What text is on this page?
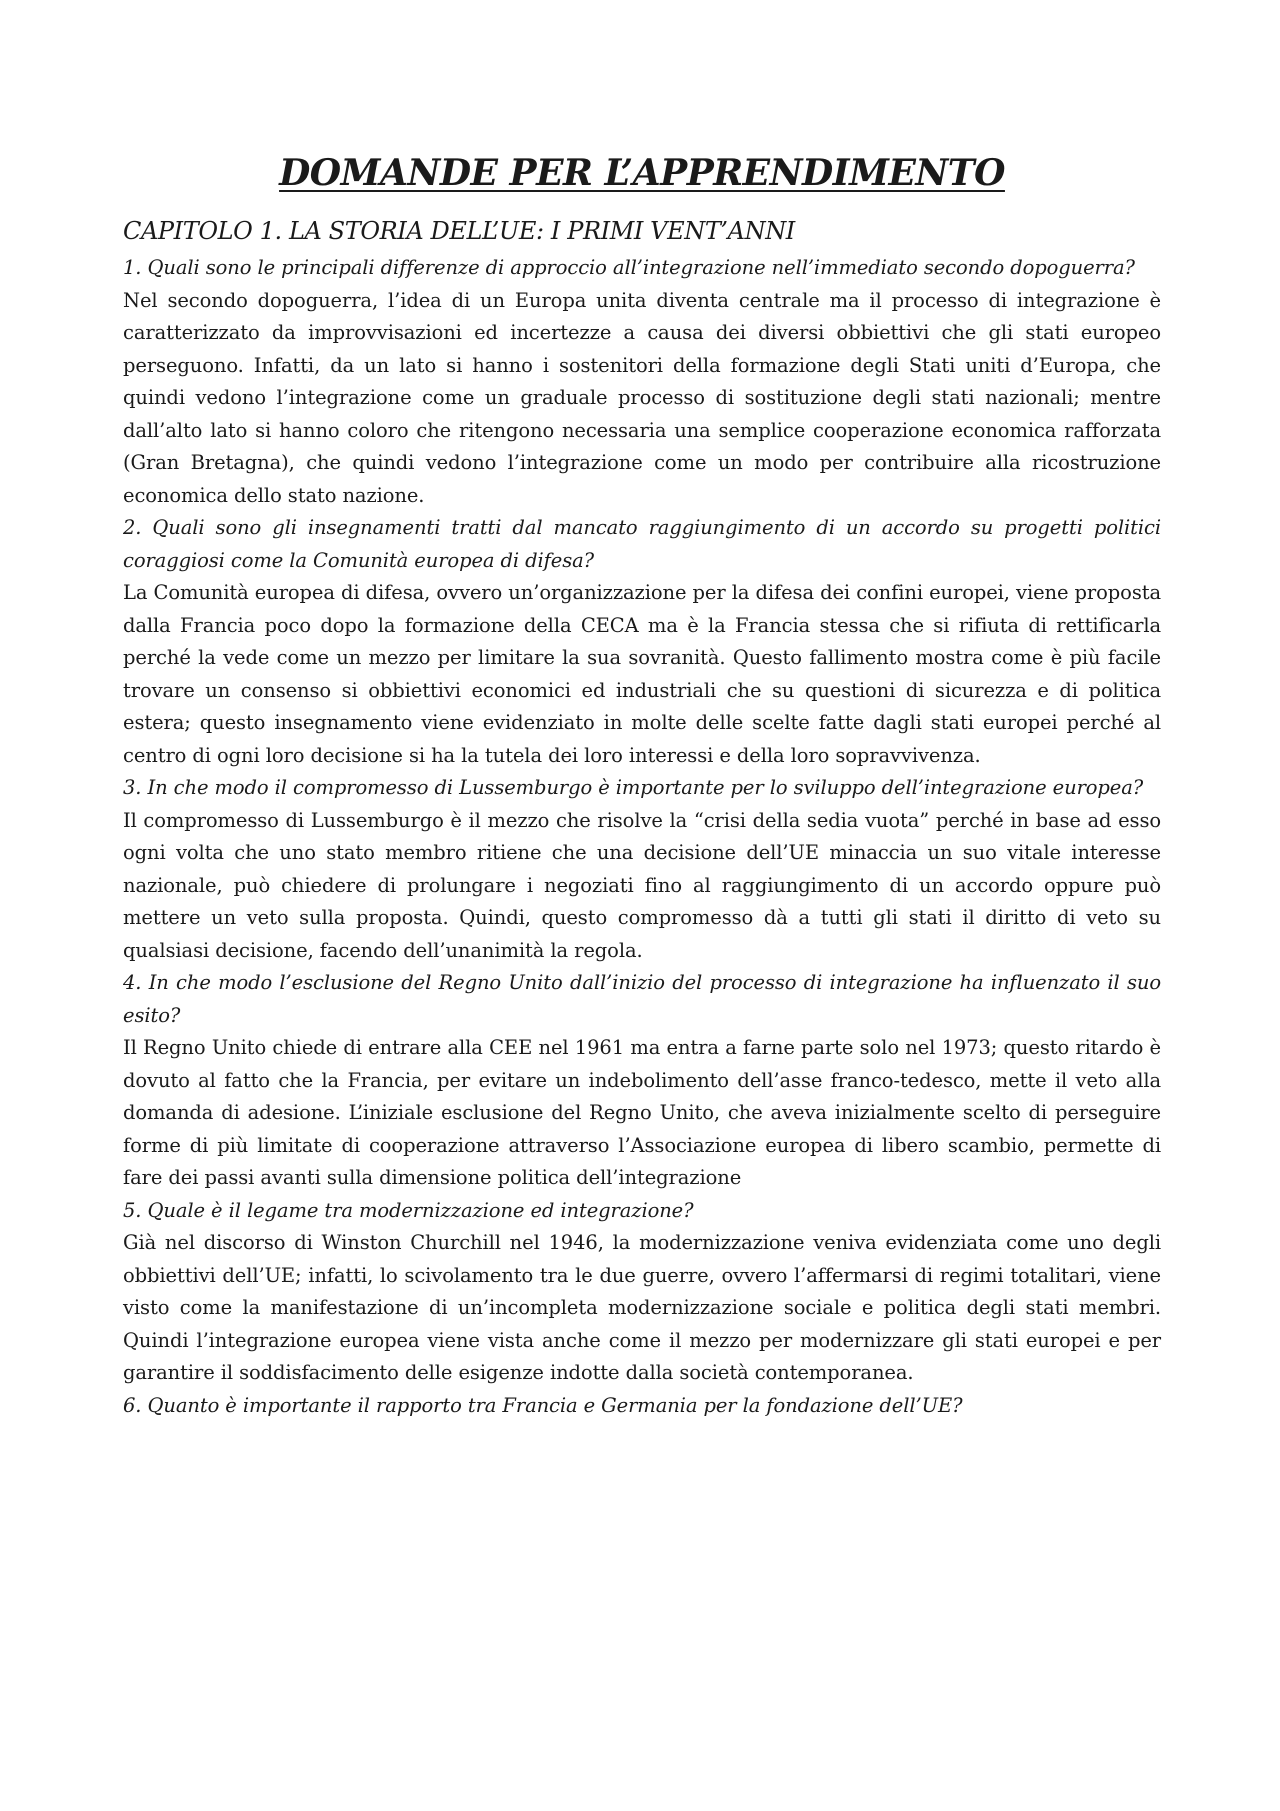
DOMANDE PER L’APPRENDIMENTO
CAPITOLO 1. LA STORIA DELL’UE: I PRIMI VENT’ANNI

1. Quali sono le principali differenze di approccio all’integrazione nell’immediato secondo dopoguerra?

Nel secondo dopoguerra, l’idea di un Europa unita diventa centrale ma il processo di integrazione è caratterizzato da improvvisazioni ed incertezze a causa dei diversi obbiettivi che gli stati europeo perseguono. Infatti, da un lato si hanno i sostenitori della formazione degli Stati uniti d’Europa, che quindi vedono l’integrazione come un graduale processo di sostituzione degli stati nazionali; mentre dall’alto lato si hanno coloro che ritengono necessaria una semplice cooperazione economica rafforzata (Gran Bretagna), che quindi vedono l’integrazione come un modo per contribuire alla ricostruzione economica dello stato nazione.

2. Quali sono gli insegnamenti tratti dal mancato raggiungimento di un accordo su progetti politici coraggiosi come la Comunità europea di difesa?

La Comunità europea di difesa, ovvero un’organizzazione per la difesa dei confini europei, viene proposta dalla Francia poco dopo la formazione della CECA ma è la Francia stessa che si rifiuta di rettificarla perché la vede come un mezzo per limitare la sua sovranità. Questo fallimento mostra come è più facile trovare un consenso si obbiettivi economici ed industriali che su questioni di sicurezza e di politica estera; questo insegnamento viene evidenziato in molte delle scelte fatte dagli stati europei perché al centro di ogni loro decisione si ha la tutela dei loro interessi e della loro sopravvivenza.

3. In che modo il compromesso di Lussemburgo è importante per lo sviluppo dell’integrazione europea?

Il compromesso di Lussemburgo è il mezzo che risolve la “crisi della sedia vuota” perché in base ad esso ogni volta che uno stato membro ritiene che una decisione dell’UE minaccia un suo vitale interesse nazionale, può chiedere di prolungare i negoziati fino al raggiungimento di un accordo oppure può mettere un veto sulla proposta. Quindi, questo compromesso dà a tutti gli stati il diritto di veto su qualsiasi decisione, facendo dell’unanimità la regola.

4. In che modo l’esclusione del Regno Unito dall’inizio del processo di integrazione ha influenzato il suo esito?

Il Regno Unito chiede di entrare alla CEE nel 1961 ma entra a farne parte solo nel 1973; questo ritardo è dovuto al fatto che la Francia, per evitare un indebolimento dell’asse franco-tedesco, mette il veto alla domanda di adesione. L’iniziale esclusione del Regno Unito, che aveva inizialmente scelto di perseguire forme di più limitate di cooperazione attraverso l’Associazione europea di libero scambio, permette di fare dei passi avanti sulla dimensione politica dell’integrazione

5. Quale è il legame tra modernizzazione ed integrazione?

Già nel discorso di Winston Churchill nel 1946, la modernizzazione veniva evidenziata come uno degli obbiettivi dell’UE; infatti, lo scivolamento tra le due guerre, ovvero l’affermarsi di regimi totalitari, viene visto come la manifestazione di un’incompleta modernizzazione sociale e politica degli stati membri. Quindi l’integrazione europea viene vista anche come il mezzo per modernizzare gli stati europei e per garantire il soddisfacimento delle esigenze indotte dalla società contemporanea.

6. Quanto è importante il rapporto tra Francia e Germania per la fondazione dell’UE?
